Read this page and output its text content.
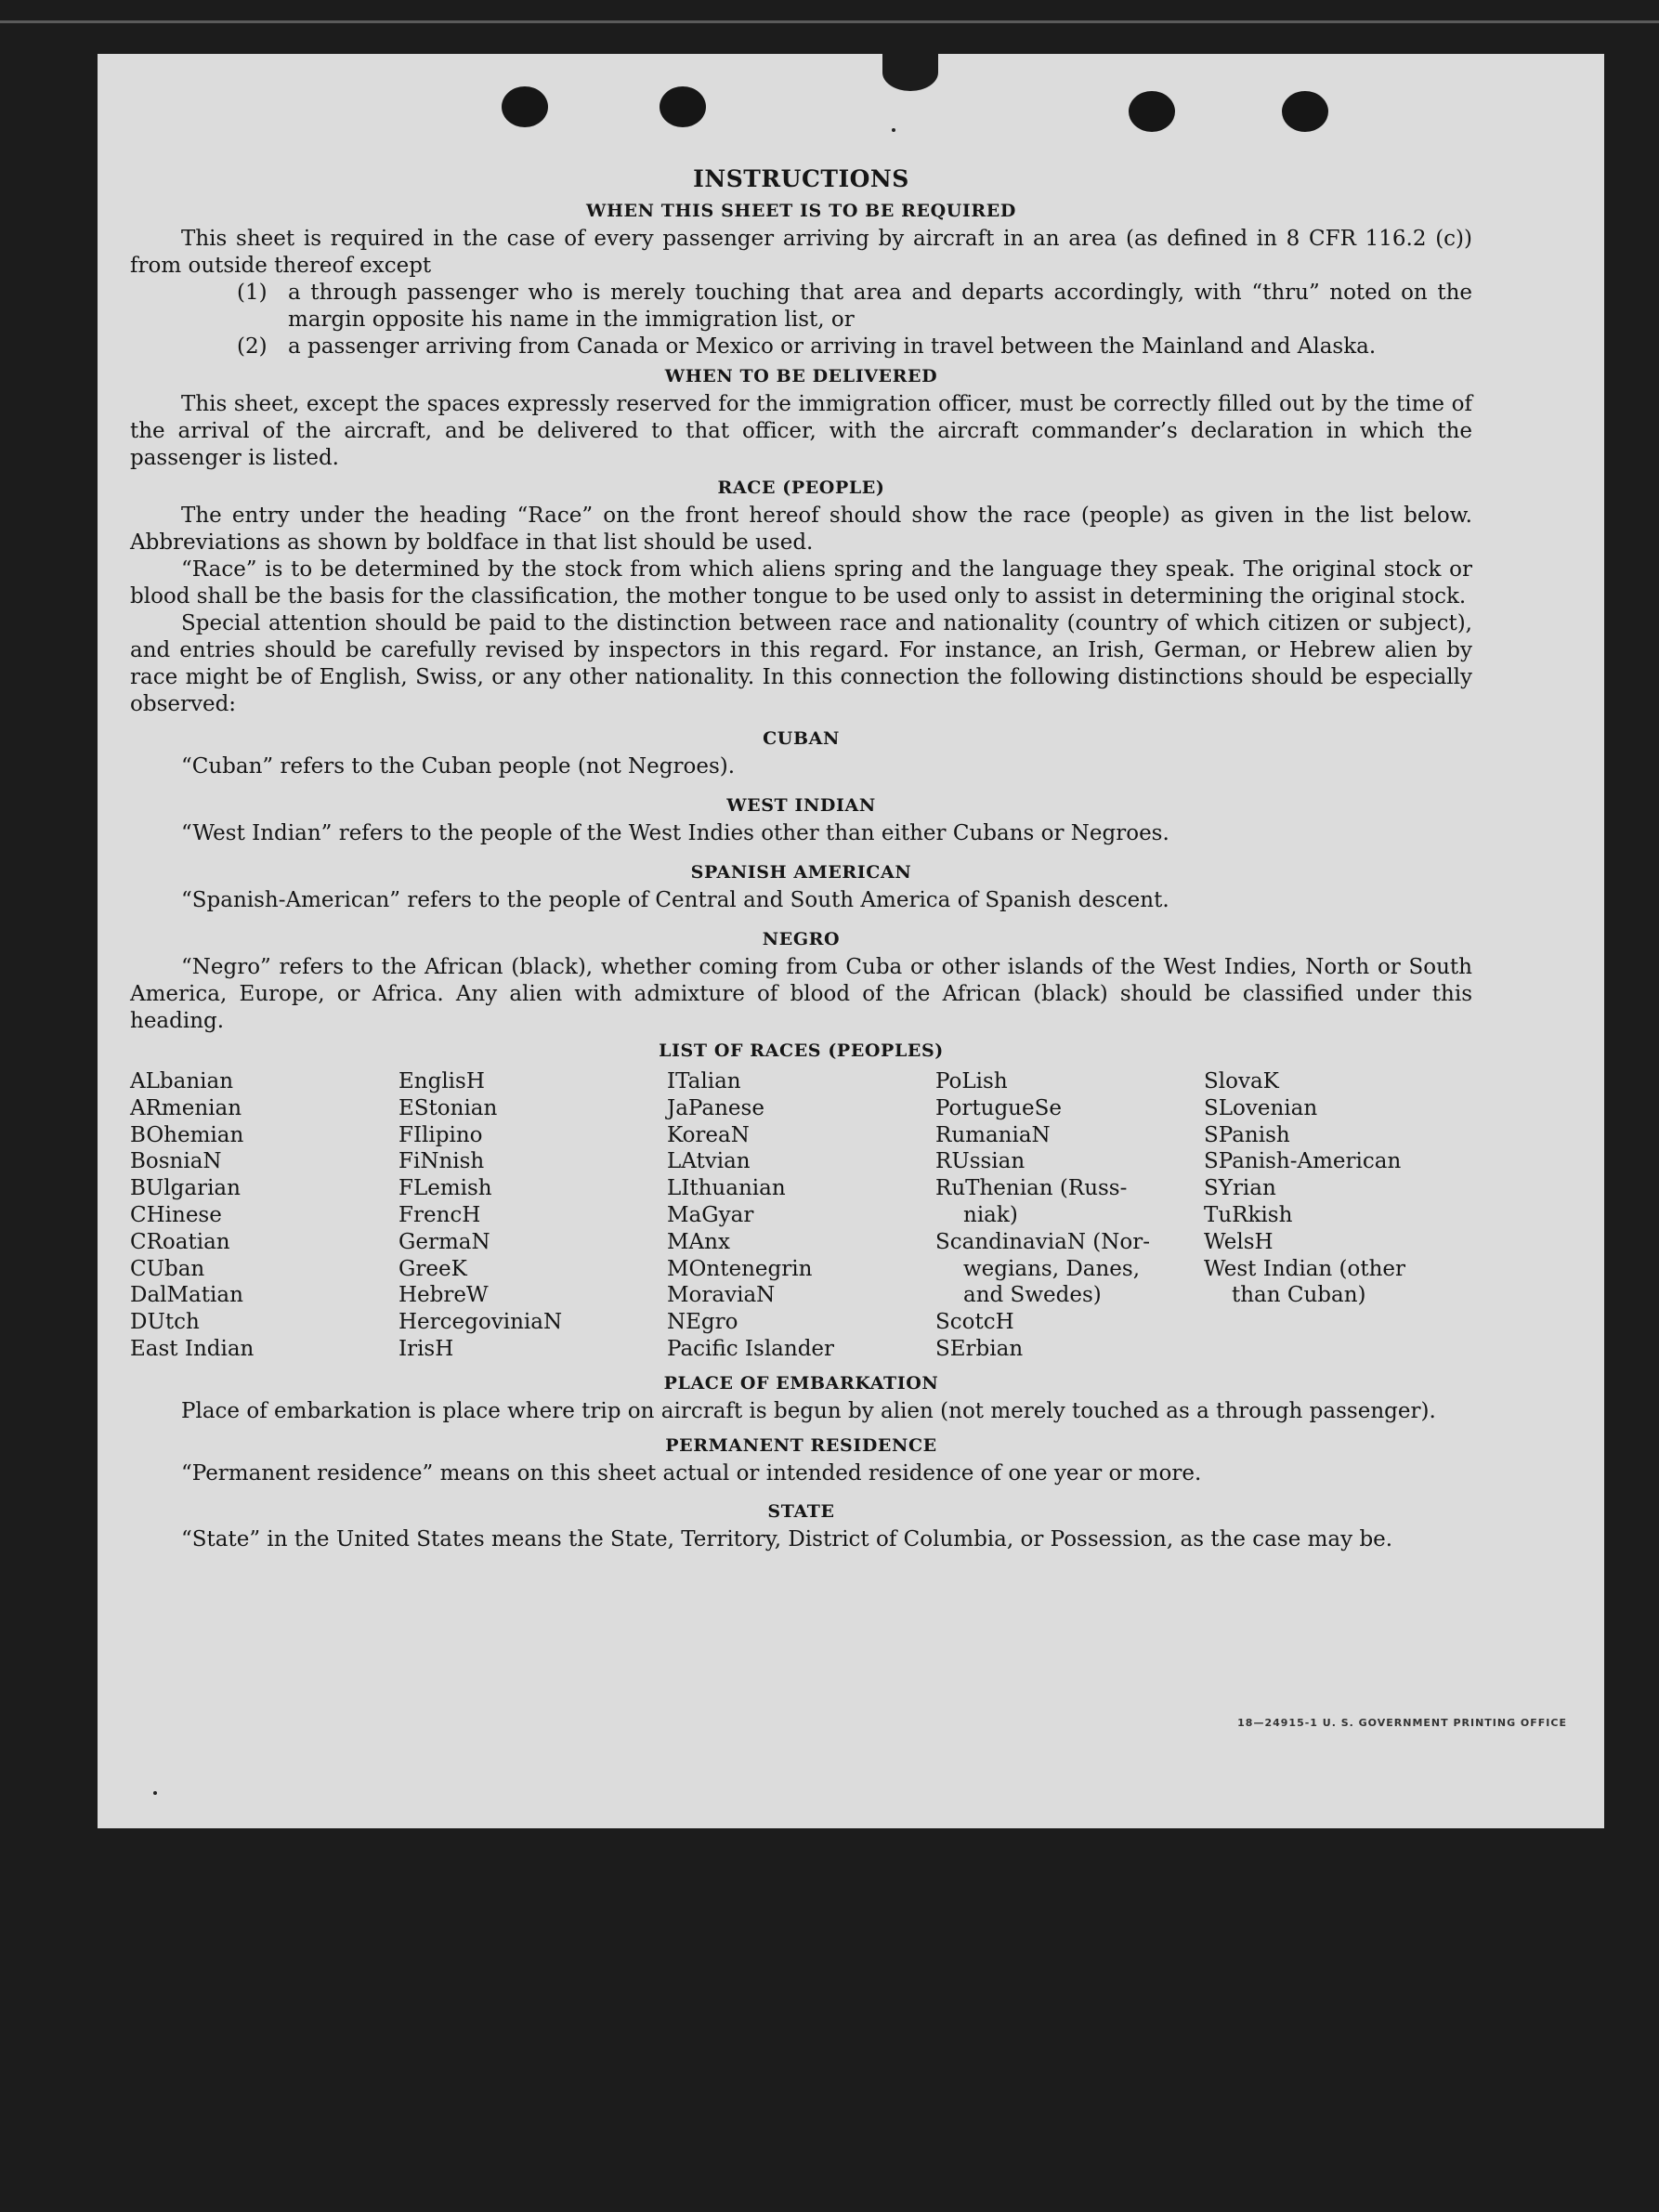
INSTRUCTIONS
WHEN THIS SHEET IS TO BE REQUIRED

This sheet is required in the case of every passenger arriving by aircraft in an area (as defined in 8 CFR 116.2 (c)) from outside thereof except

(1) a through passenger who is merely touching that area and departs accordingly, with “thru” noted on the margin opposite his name in the immigration list, or
(2) a passenger arriving from Canada or Mexico or arriving in travel between the Mainland and Alaska.
WHEN TO BE DELIVERED

This sheet, except the spaces expressly reserved for the immigration officer, must be correctly filled out by the time of the arrival of the aircraft, and be delivered to that officer, with the aircraft commander’s declaration in which the passenger is listed.

RACE (PEOPLE)

The entry under the heading “Race” on the front hereof should show the race (people) as given in the list below. Abbreviations as shown by boldface in that list should be used.

“Race” is to be determined by the stock from which aliens spring and the language they speak. The original stock or blood shall be the basis for the classification, the mother tongue to be used only to assist in determining the original stock.

Special attention should be paid to the distinction between race and nationality (country of which citizen or subject), and entries should be carefully revised by inspectors in this regard. For instance, an Irish, German, or Hebrew alien by race might be of English, Swiss, or any other nationality. In this connection the following distinctions should be especially observed:

CUBAN

“Cuban” refers to the Cuban people (not Negroes).

WEST INDIAN

“West Indian” refers to the people of the West Indies other than either Cubans or Negroes.

SPANISH AMERICAN

“Spanish-American” refers to the people of Central and South America of Spanish descent.

NEGRO

“Negro” refers to the African (black), whether coming from Cuba or other islands of the West Indies, North or South America, Europe, or Africa. Any alien with admixture of blood of the African (black) should be classified under this heading.

LIST OF RACES (PEOPLES)
ALbanian
ARmenian
BOhemian
BosniaN
BUlgarian
CHinese
CRoatian
CUban
DalMatian
DUtch
East Indian
EnglisH
EStonian
FIlipino
FiNnish
FLemish
FrencH
GermaN
GreeK
HebreW
HercegoviniaN
IrisH
ITalian
JaPanese
KoreaN
LAtvian
LIthuanian
MaGyar
MAnx
MOntenegrin
MoraviaN
NEgro
Pacific Islander
PoLish
PortugueSe
RumaniaN
RUssian
RuThenian (Russ-
niak)
ScandinaviaN (Nor-
wegians, Danes,
and Swedes)
ScotcH
SErbian
SlovaK
SLovenian
SPanish
SPanish-American
SYrian
TuRkish
WelsH
West Indian (other
than Cuban)
PLACE OF EMBARKATION

Place of embarkation is place where trip on aircraft is begun by alien (not merely touched as a through passenger).

PERMANENT RESIDENCE

“Permanent residence” means on this sheet actual or intended residence of one year or more.

STATE

“State” in the United States means the State, Territory, District of Columbia, or Possession, as the case may be.

18—24915-1 U. S. GOVERNMENT PRINTING OFFICE
